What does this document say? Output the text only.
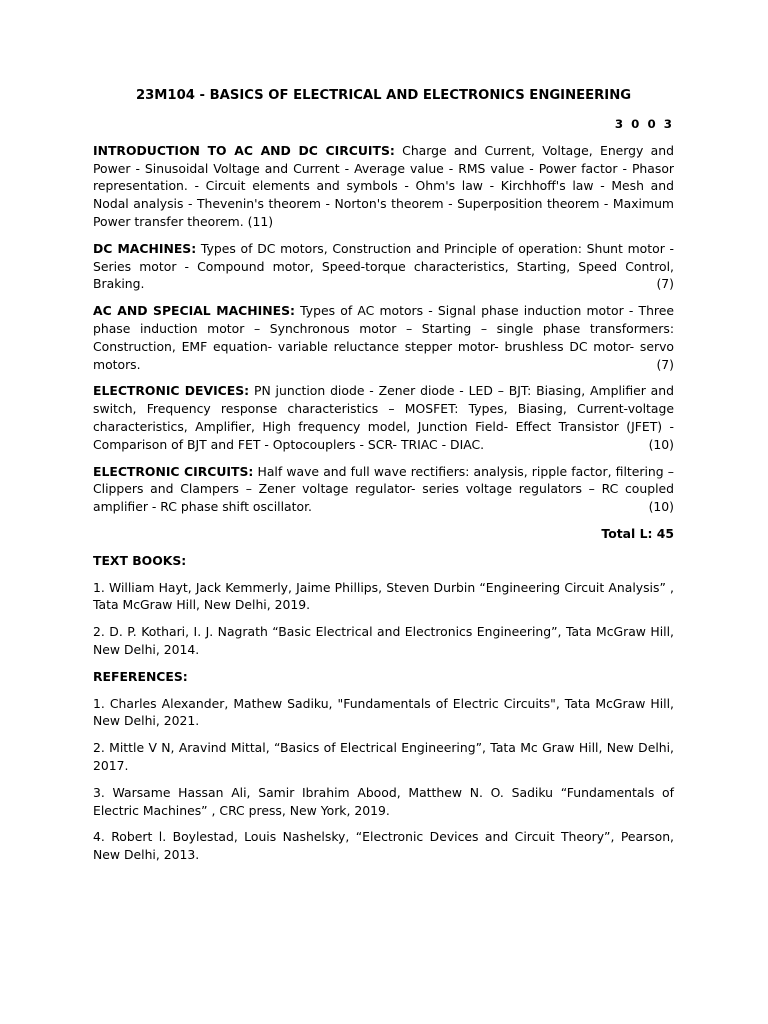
23M104 - BASICS OF ELECTRICAL AND ELECTRONICS ENGINEERING
3 0 0 3
INTRODUCTION TO AC AND DC CIRCUITS: Charge and Current, Voltage, Energy and Power - Sinusoidal Voltage and Current - Average value - RMS value - Power factor - Phasor representation. - Circuit elements and symbols - Ohm's law - Kirchhoff's law - Mesh and Nodal analysis - Thevenin's theorem - Norton's theorem - Superposition theorem - Maximum Power transfer theorem. (11)
DC MACHINES: Types of DC motors, Construction and Principle of operation: Shunt motor - Series motor - Compound motor, Speed-torque characteristics, Starting, Speed Control, Braking.	(7)
AC AND SPECIAL MACHINES: Types of AC motors - Signal phase induction motor - Three phase induction motor – Synchronous motor – Starting – single phase transformers: Construction, EMF equation- variable reluctance stepper motor- brushless DC motor- servo motors.	(7)
ELECTRONIC DEVICES: PN junction diode - Zener diode - LED – BJT: Biasing, Amplifier and switch, Frequency response characteristics – MOSFET: Types, Biasing, Current-voltage characteristics, Amplifier, High frequency model, Junction Field- Effect Transistor (JFET) - Comparison of BJT and FET - Optocouplers - SCR- TRIAC - DIAC.	(10)
ELECTRONIC CIRCUITS: Half wave and full wave rectifiers: analysis, ripple factor, filtering – Clippers and Clampers – Zener voltage regulator- series voltage regulators – RC coupled amplifier - RC phase shift oscillator.	(10)
Total L: 45
TEXT BOOKS:
1. William Hayt, Jack Kemmerly, Jaime Phillips, Steven Durbin “Engineering Circuit Analysis” , Tata McGraw Hill, New Delhi, 2019.
2. D. P. Kothari, I. J. Nagrath “Basic Electrical and Electronics Engineering”, Tata McGraw Hill, New Delhi, 2014.
REFERENCES:
1. Charles Alexander, Mathew Sadiku, "Fundamentals of Electric Circuits", Tata McGraw Hill, New Delhi, 2021.
2. Mittle V N, Aravind Mittal, “Basics of Electrical Engineering”, Tata Mc Graw Hill, New Delhi, 2017.
3. Warsame Hassan Ali, Samir Ibrahim Abood, Matthew N. O. Sadiku “Fundamentals of Electric Machines” , CRC press, New York, 2019.
4. Robert l. Boylestad, Louis Nashelsky, “Electronic Devices and Circuit Theory”, Pearson, New Delhi, 2013.
